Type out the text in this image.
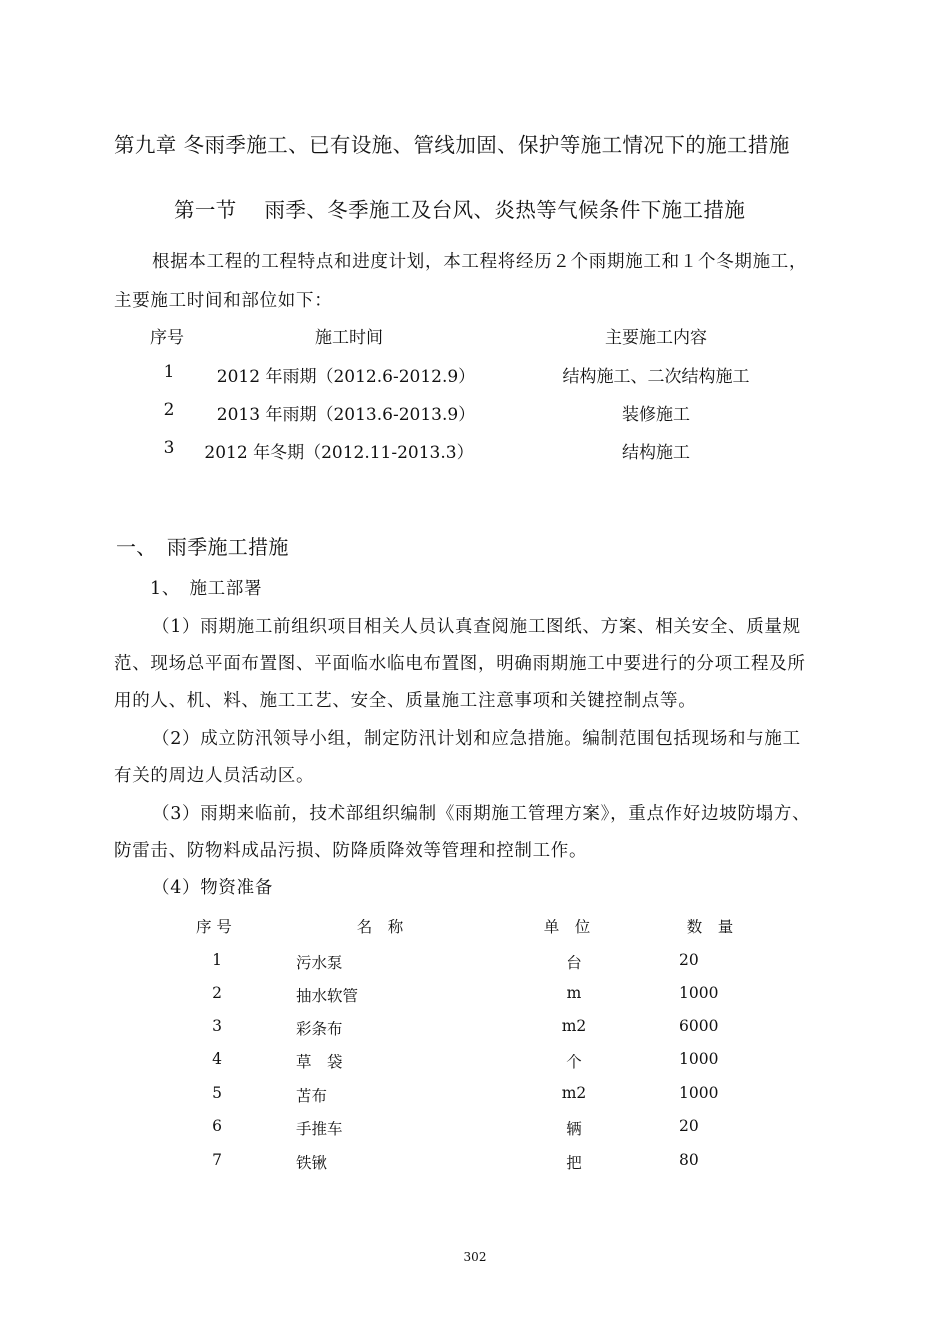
第九章 冬雨季施工、已有设施、管线加固、保护等施工情况下的施工措施
第一节　 雨季、冬季施工及台风、炎热等气候条件下施工措施
根据本工程的工程特点和进度计划，本工程将经历２个雨期施工和１个冬期施工，
主要施工时间和部位如下：
序号	施工时间	主要施工内容
1 2012 年雨期（2012.6-2012.9）	结构施工、二次结构施工
2 2013 年雨期（2013.6-2013.9）	装修施工
3 2012 年冬期（2012.11-2013.3）	结构施工
一、　雨季施工措施
1、　施工部署
（1）雨期施工前组织项目相关人员认真查阅施工图纸、方案、相关安全、质量规
范、现场总平面布置图、平面临水临电布置图，明确雨期施工中要进行的分项工程及所
用的人、机、料、施工工艺、安全、质量施工注意事项和关键控制点等。
（2）成立防汛领导小组，制定防汛计划和应急措施。编制范围包括现场和与施工
有关的周边人员活动区。
（3）雨期来临前，技术部组织编制《雨期施工管理方案》，重点作好边坡防塌方、
防雷击、防物料成品污损、防降质降效等管理和控制工作。
（4）物资准备
序 号	名　称	单　位	数　量
1	污水泵	台	20
2	抽水软管	m	1000
3	彩条布	m2	6000
4	草　袋	个	1000
5	苫布	m2	1000
6	手推车	辆	20
7	铁锹	把	80
302
